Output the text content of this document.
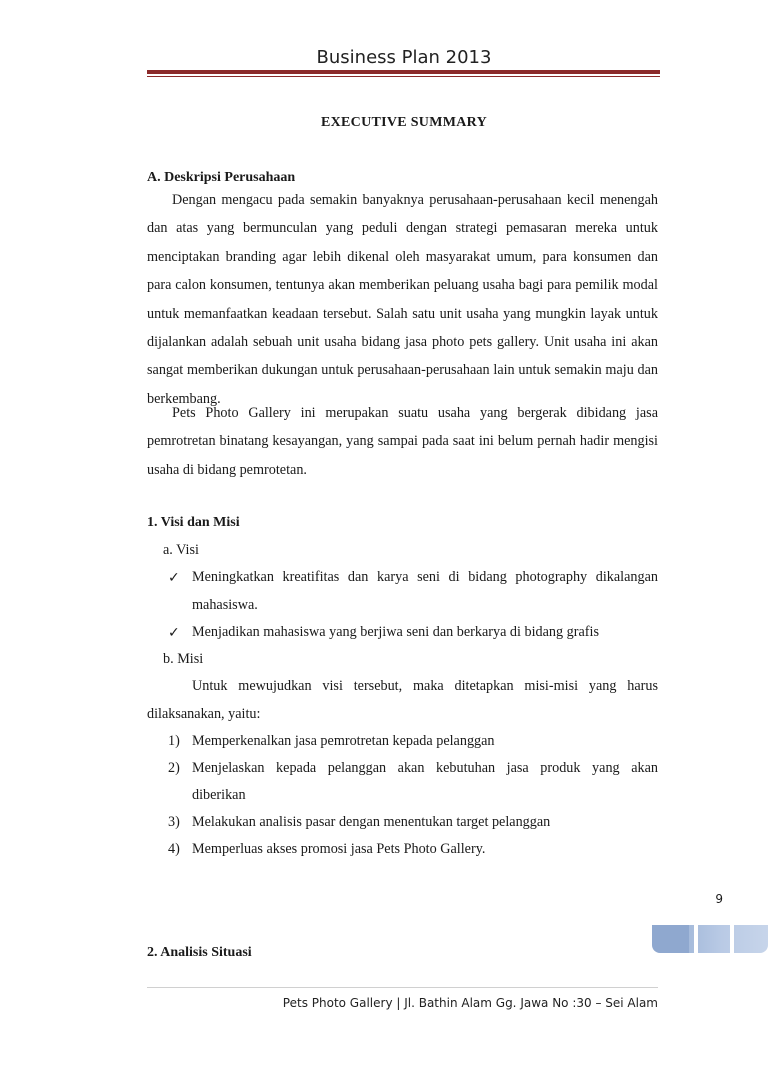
Business Plan 2013
EXECUTIVE SUMMARY
A. Deskripsi Perusahaan
Dengan mengacu pada semakin banyaknya perusahaan-perusahaan kecil menengah dan atas yang bermunculan yang peduli dengan strategi pemasaran mereka untuk menciptakan branding agar lebih dikenal oleh masyarakat umum, para konsumen dan para calon konsumen, tentunya akan memberikan peluang usaha bagi para pemilik modal untuk memanfaatkan keadaan tersebut. Salah satu unit usaha yang mungkin layak untuk dijalankan adalah sebuah unit usaha bidang jasa photo pets gallery. Unit usaha ini akan sangat memberikan dukungan untuk perusahaan-perusahaan lain untuk semakin maju dan berkembang.
Pets Photo Gallery ini merupakan suatu usaha yang bergerak dibidang jasa pemrotretan binatang kesayangan, yang sampai pada saat ini belum pernah hadir mengisi usaha di bidang pemrotetan.
1. Visi dan Misi
a. Visi
✓ Meningkatkan kreatifitas dan karya seni di bidang photography dikalangan
mahasiswa.
✓ Menjadikan mahasiswa yang berjiwa seni dan berkarya di bidang grafis
b. Misi
Untuk mewujudkan visi tersebut, maka ditetapkan misi-misi yang harus
dilaksanakan, yaitu:
1) Memperkenalkan jasa pemrotretan kepada pelanggan
2) Menjelaskan kepada pelanggan akan kebutuhan jasa produk yang akan
diberikan
3) Melakukan analisis pasar dengan menentukan target pelanggan
4) Memperluas akses promosi jasa Pets Photo Gallery.
9
2. Analisis Situasi
Pets Photo Gallery | Jl. Bathin Alam Gg. Jawa No :30 – Sei Alam
